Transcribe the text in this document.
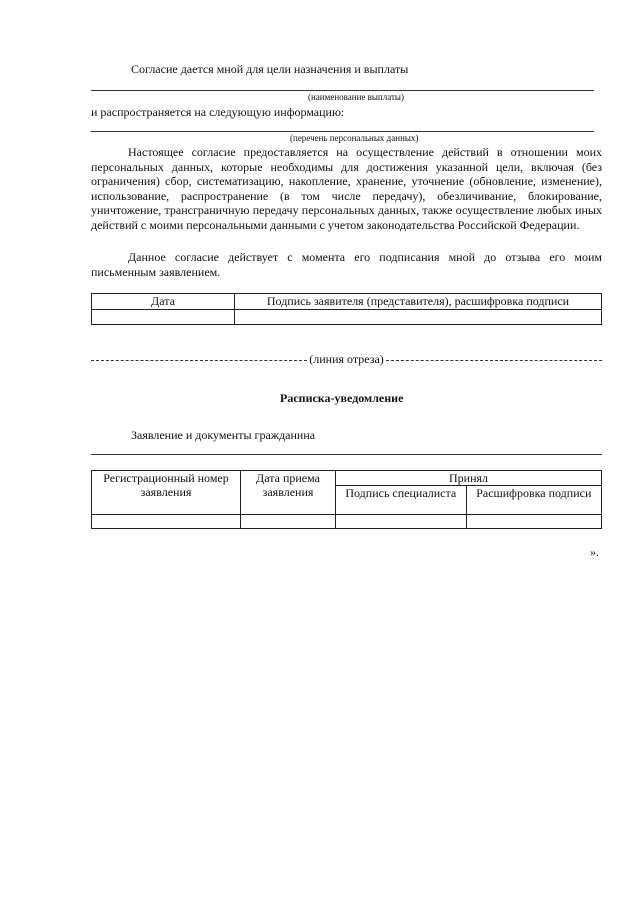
Согласие дается мной для цели назначения и выплаты
(наименование выплаты)
и распространяется на следующую информацию:
(перечень персональных данных)
Настоящее согласие предоставляется на осуществление действий в отношении моих персональных данных, которые необходимы для достижения указанной цели, включая (без ограничения) сбор, систематизацию, накопление, хранение, уточнение (обновление, изменение), использование, распространение (в том числе передачу), обезличивание, блокирование, уничтожение, трансграничную передачу персональных данных, также осуществление любых иных действий с моими персональными данными с учетом законодательства Российской Федерации.
Данное согласие действует с момента его подписания мной до отзыва его моим письменным заявлением.
Дата	Подпись заявителя (представителя), расшифровка подписи

(линия отреза)
Расписка-уведомление
Заявление и документы гражданина
Регистрационный номер заявления	Дата приема заявления	Принял	
		Подпись специалиста	Расшифровка подписи

».
